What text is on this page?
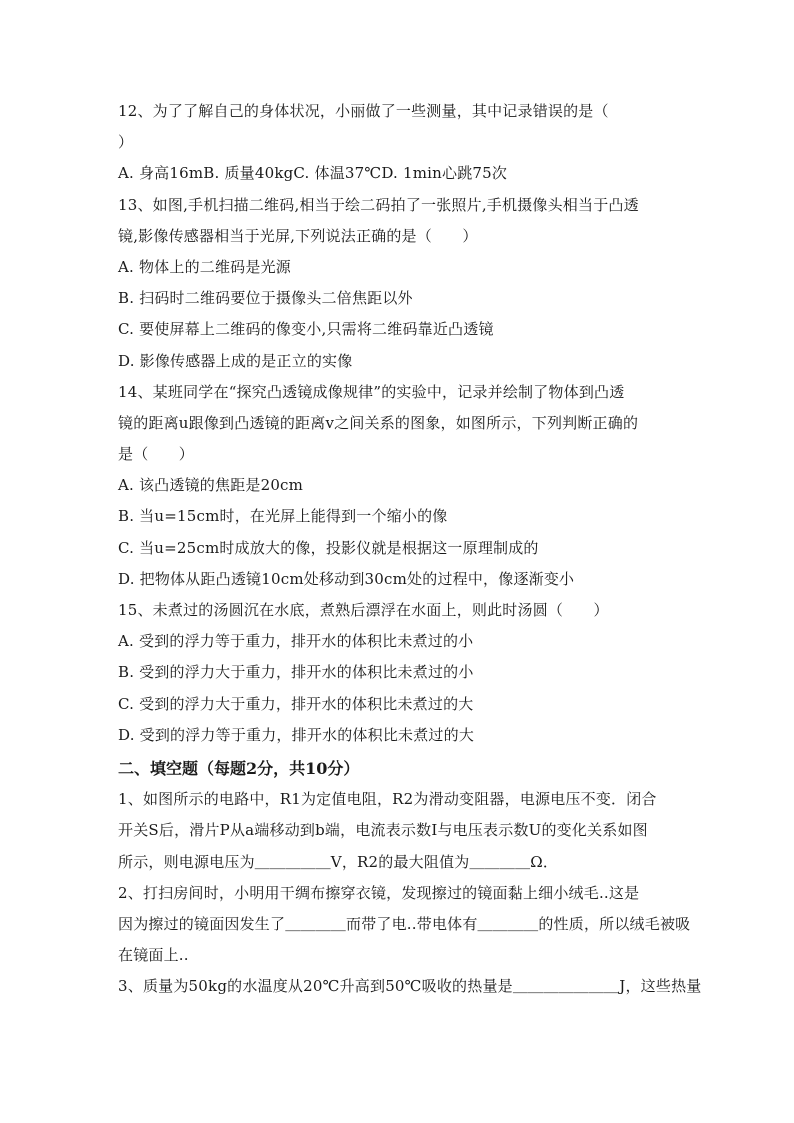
12、为了了解自己的身体状况，小丽做了一些测量，其中记录错误的是（
）
A. 身高16mB. 质量40kgC. 体温37℃D. 1min心跳75次
13、如图,手机扫描二维码,相当于绘二码拍了一张照片,手机摄像头相当于凸透
镜,影像传感器相当于光屏,下列说法正确的是（　　）
A. 物体上的二维码是光源
B. 扫码时二维码要位于摄像头二倍焦距以外
C. 要使屏幕上二维码的像变小,只需将二维码靠近凸透镜
D. 影像传感器上成的是正立的实像
14、某班同学在“探究凸透镜成像规律”的实验中，记录并绘制了物体到凸透
镜的距离u跟像到凸透镜的距离v之间关系的图象，如图所示，下列判断正确的
是（　　）
A. 该凸透镜的焦距是20cm
B. 当u=15cm时，在光屏上能得到一个缩小的像
C. 当u=25cm时成放大的像，投影仪就是根据这一原理制成的
D. 把物体从距凸透镜10cm处移动到30cm处的过程中，像逐渐变小
15、未煮过的汤圆沉在水底，煮熟后漂浮在水面上，则此时汤圆（　　）
A. 受到的浮力等于重力，排开水的体积比未煮过的小
B. 受到的浮力大于重力，排开水的体积比未煮过的小
C. 受到的浮力大于重力，排开水的体积比未煮过的大
D. 受到的浮力等于重力，排开水的体积比未煮过的大
二、填空题（每题2分，共10分）
1、如图所示的电路中，R1为定值电阻，R2为滑动变阻器，电源电压不变．闭合
开关S后，滑片P从a端移动到b端，电流表示数I与电压表示数U的变化关系如图
所示，则电源电压为＿＿＿＿＿V，R2的最大阻值为＿＿＿＿Ω．
2、打扫房间时，小明用干绸布擦穿衣镜，发现擦过的镜面黏上细小绒毛..这是
因为擦过的镜面因发生了＿＿＿＿而带了电..带电体有＿＿＿＿的性质，所以绒毛被吸
在镜面上..
3、质量为50kg的水温度从20℃升高到50℃吸收的热量是＿＿＿＿＿＿＿J，这些热量
